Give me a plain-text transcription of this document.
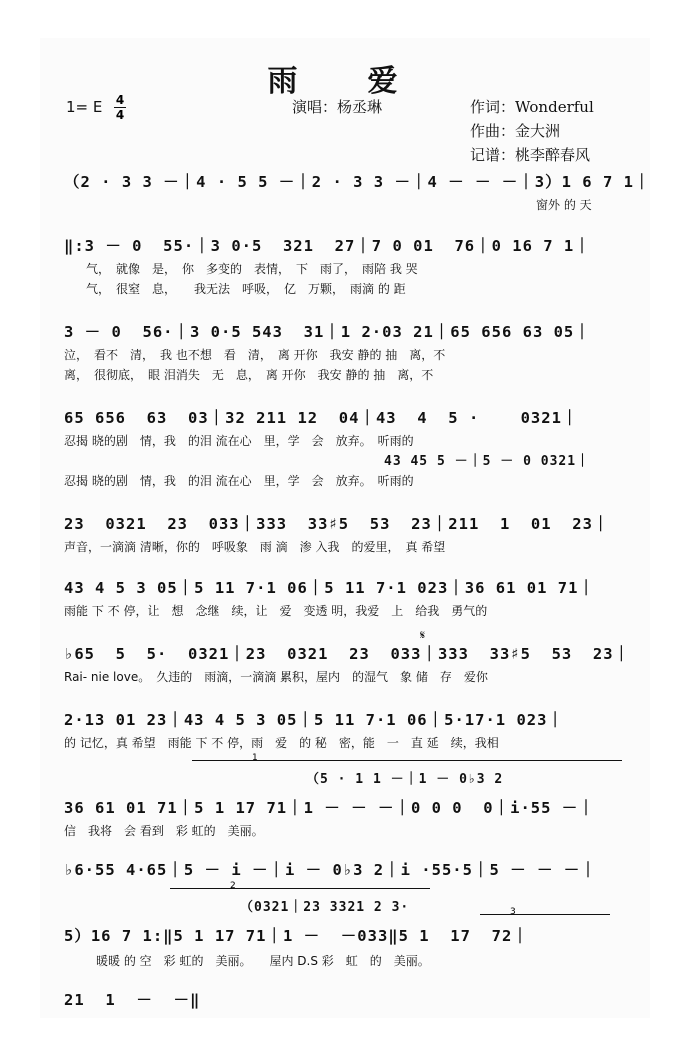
雨　爱
1= E 4
4	演唱：杨丞琳	作词：Wonderful
作曲：金大洲
记谱：桃李醉春风
（2 · 3 3 －｜4 · 5 5 －｜2 · 3 3 －｜4 － － －｜3）1 6 7 1｜
窗外 的 天
‖:3 － 0  55·｜3 0·5  321  27｜7 0 01  76｜0 16 7 1｜
气，　就像　是，　你　多变的　表情，　下　雨了，　雨陪 我 哭
气，　很窒　息，　　我无法　呼吸，　亿　万颗，　雨滴 的 距
3 － 0  56·｜3 0·5 543  31｜1 2·03 21｜65 656 63 05｜
泣，　看不　清，　我 也不想　看　清，　离 开你　我安 静的 抽　离，不
离，　很彻底，　眼 泪消失　无　息，　离 开你　我安 静的 抽　离，不
65 656  63  03｜32 211 12  04｜43  4  5 ·    0321｜
忍揭 晓的剧　情，我　的泪 流在心　里，学　会　放弃。　听雨的
43 45 5 －｜5 － 0 0321｜
忍揭 晓的剧　情，我　的泪 流在心　里，学　会　放弃。　听雨的
23  0321  23  033｜333  33♯5  53  23｜211  1  01  23｜
声音，一滴滴 清晰，你的　呼吸象　雨 滴　渗 入我　的爱里，　真 希望
43 4 5 3 05｜5 11 7·1 06｜5 11 7·1 023｜36 61 01 71｜
雨能 下 不 停，让　想　念继　续，让　爱　变透 明，我爱　上　给我　勇气的
𝄋
♭65  5  5·  0321｜23  0321  23  033｜333  33♯5  53  23｜
Rai- nie love。　久违的　雨滴，一滴滴 累积，屋内　的湿气　象 储　存　爱你
2·13 01 23｜43 4 5 3 05｜5 11 7·1 06｜5·17·1 023｜
的 记忆，真 希望　雨能 下 不 停，雨　爱　的 秘　密，能　一　直 延　续，我相
1
（5 · 1 1 －｜1 － 0♭3 2
36 61 01 71｜5 1 17 71｜1 － － －｜0 0 0  0｜i·55 －｜
信　我将　会 看到　彩 虹的　美丽。
♭6·55 4·65｜5 － i －｜i － 0♭3 2｜i ·55·5｜5 － － －｜
2
（0321｜23 3321 2 3·	3
5）16 7 1:‖5 1 17 71｜1 －  －033‖5 1  17  72｜
暖暖 的 空　彩 虹的　美丽。　　屋内 D.S 彩　虹　的　美丽。
21  1  －  －‖
